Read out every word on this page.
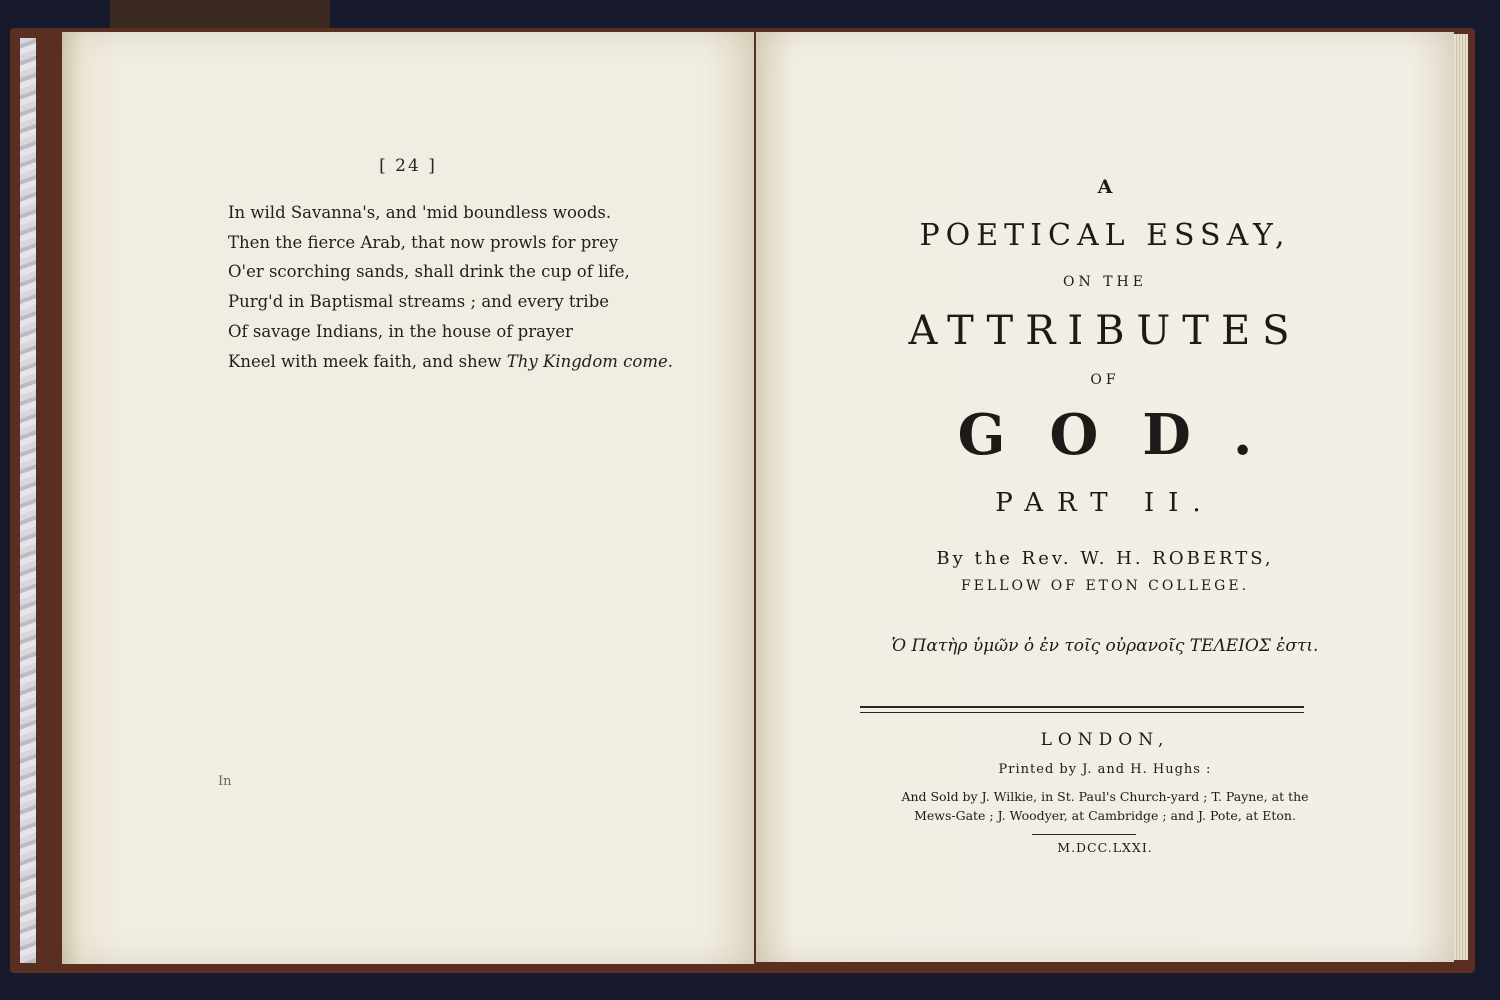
[ 24 ]
In wild Savanna's, and 'mid boundless woods.
Then the fierce Arab, that now prowls for prey
O'er scorching sands, shall drink the cup of life,
Purg'd in Baptismal streams ; and every tribe
Of savage Indians, in the house of prayer
Kneel with meek faith, and shew Thy Kingdom come.
In
A
POETICAL ESSAY,
ON THE
ATTRIBUTES
OF
GOD.
PART II.
By the Rev. W. H. ROBERTS,
FELLOW OF ETON COLLEGE.
Ὁ Πατὴρ ὑμῶν ὁ ἐν τοῖς οὐρανοῖς ΤΕΛΕΙΟΣ ἐστι.
LONDON,
Printed by J. and H. Hughs :
And Sold by J. Wilkie, in St. Paul's Church-yard ; T. Payne, at the
Mews-Gate ; J. Woodyer, at Cambridge ; and J. Pote, at Eton.
M.DCC.LXXI.
